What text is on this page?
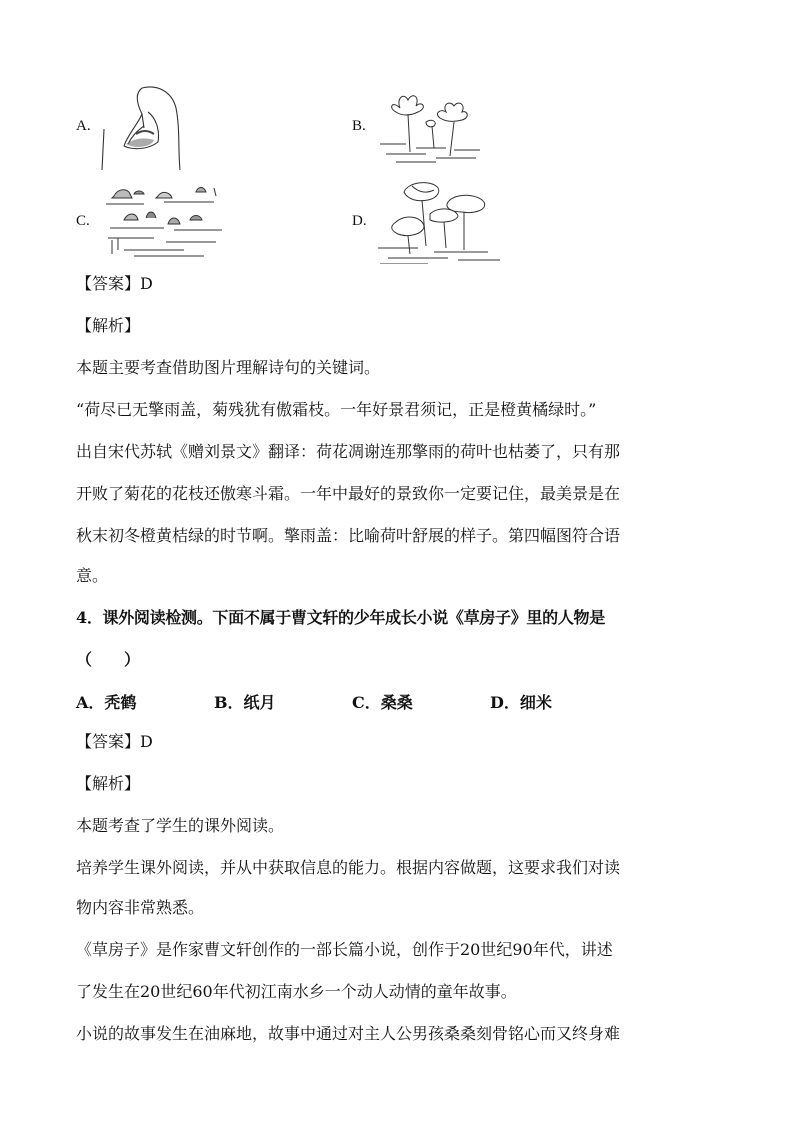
A.	B.
C.	D.
【答案】D
【解析】
本题主要考查借助图片理解诗句的关键词。
“荷尽已无擎雨盖，菊残犹有傲霜枝。一年好景君须记，正是橙黄橘绿时。”
出自宋代苏轼《赠刘景文》翻译：荷花凋谢连那擎雨的荷叶也枯萎了，只有那
开败了菊花的花枝还傲寒斗霜。一年中最好的景致你一定要记住，最美景是在
秋末初冬橙黄桔绿的时节啊。擎雨盖：比喻荷叶舒展的样子。第四幅图符合语
意。
4．课外阅读检测。下面不属于曹文轩的少年成长小说《草房子》里的人物是
（　　）
A．秃鹤	B．纸月	C．桑桑	D．细米
【答案】D
【解析】
本题考查了学生的课外阅读。
培养学生课外阅读，并从中获取信息的能力。根据内容做题，这要求我们对读
物内容非常熟悉。
《草房子》是作家曹文轩创作的一部长篇小说，创作于20世纪90年代，讲述
了发生在20世纪60年代初江南水乡一个动人动情的童年故事。
小说的故事发生在油麻地，故事中通过对主人公男孩桑桑刻骨铭心而又终身难
